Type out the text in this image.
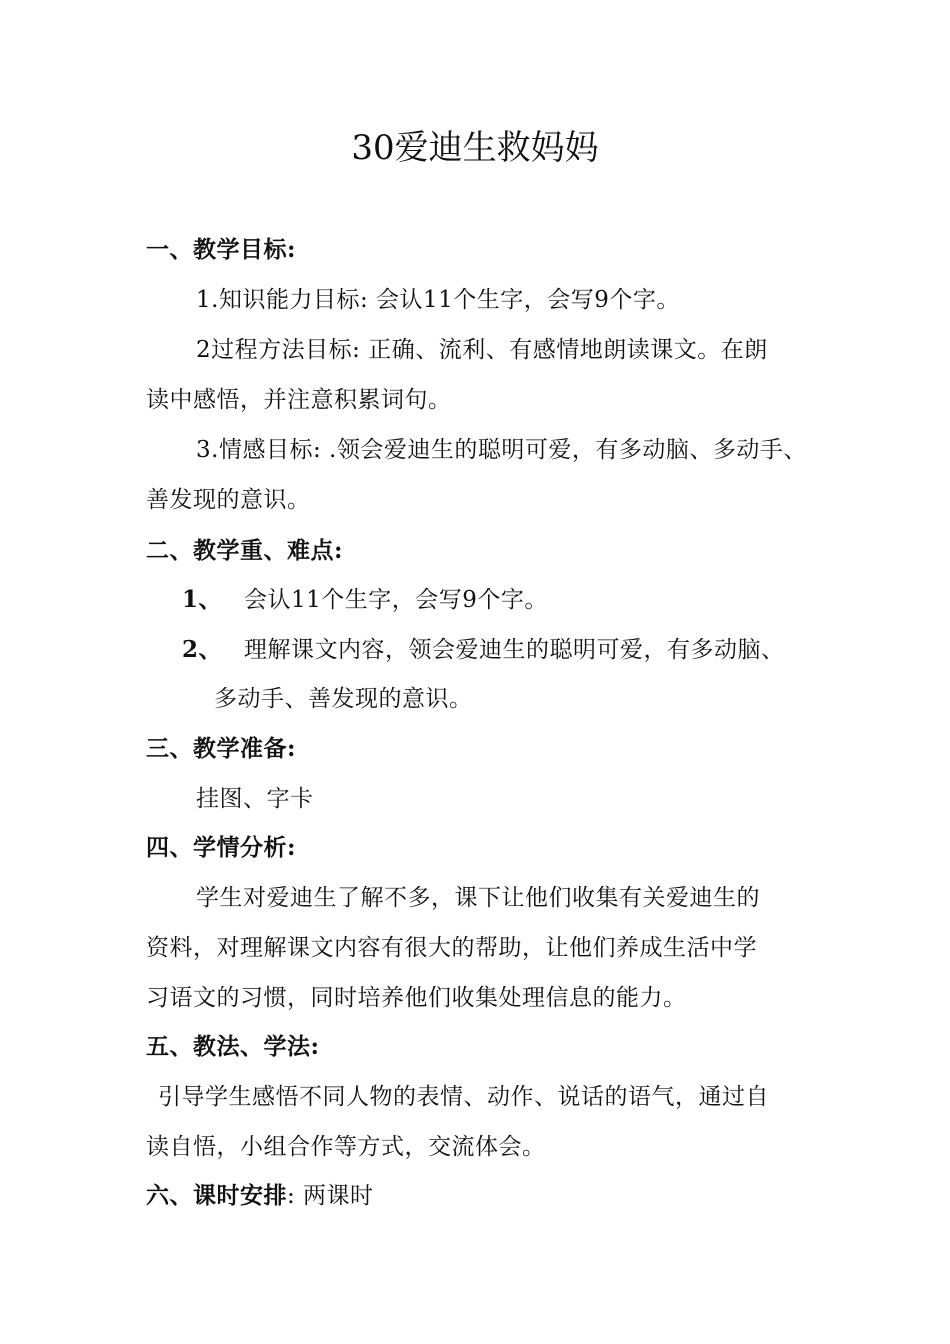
30爱迪生救妈妈
一、教学目标:
1.知识能力目标: 会认11个生字，会写9个字。
2过程方法目标: 正确、流利、有感情地朗读课文。在朗
读中感悟，并注意积累词句。
3.情感目标: .领会爱迪生的聪明可爱，有多动脑、多动手、
善发现的意识。
二、教学重、难点:
1、 会认11个生字，会写9个字。
2、 理解课文内容，领会爱迪生的聪明可爱，有多动脑、
多动手、善发现的意识。
三、教学准备:
挂图、字卡
四、学情分析:
学生对爱迪生了解不多，课下让他们收集有关爱迪生的
资料，对理解课文内容有很大的帮助，让他们养成生活中学
习语文的习惯，同时培养他们收集处理信息的能力。
五、教法、学法:
引导学生感悟不同人物的表情、动作、说话的语气，通过自
读自悟，小组合作等方式，交流体会。
六、课时安排: 两课时
